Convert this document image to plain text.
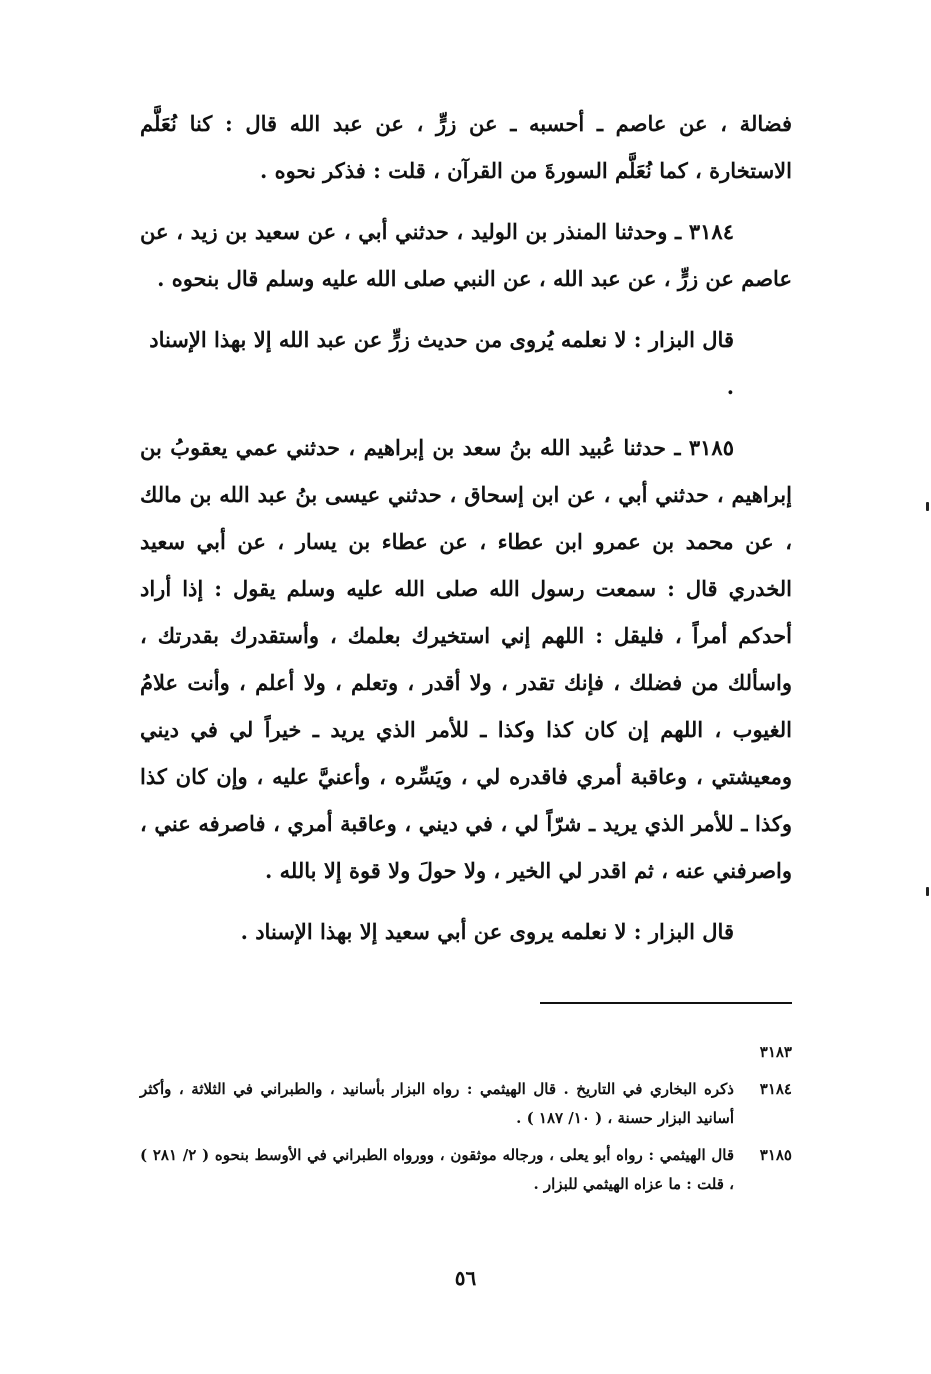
فضالة ، عن عاصم ـ أحسبه ـ عن زرٍّ ، عن عبد الله قال : كنا نُعَلَّم الاستخارة ، كما نُعَلَّم السورةَ من القرآن ، قلت : فذكر نحوه .

٣١٨٤ ـ وحدثنا المنذر بن الوليد ، حدثني أبي ، عن سعيد بن زيد ، عن عاصم عن زرٍّ ، عن عبد الله ، عن النبي صلى الله عليه وسلم قال بنحوه .

قال البزار : لا نعلمه يُروى من حديث زرٍّ عن عبد الله إلا بهذا الإسناد .

٣١٨٥ ـ حدثنا عُبيد الله بنُ سعد بن إبراهيم ، حدثني عمي يعقوبُ بن إبراهيم ، حدثني أبي ، عن ابن إسحاق ، حدثني عيسى بنُ عبد الله بن مالك ، عن محمد بن عمرو ابن عطاء ، عن عطاء بن يسار ، عن أبي سعيد الخدري قال : سمعت رسول الله صلى الله عليه وسلم يقول : إذا أراد أحدكم أمراً ، فليقل : اللهم إني استخيرك بعلمك ، وأستقدرك بقدرتك ، واسألك من فضلك ، فإنك تقدر ، ولا أقدر ، وتعلم ، ولا أعلم ، وأنت علامُ الغيوب ، اللهم إن كان كذا وكذا ـ للأمر الذي يريد ـ خيراً لي في ديني ومعيشتي ، وعاقبة أمري فاقدره لي ، ويَسِّره ، وأعنيَّ عليه ، وإن كان كذا وكذا ـ للأمر الذي يريد ـ شرّاً لي ، في ديني ، وعاقبة أمري ، فاصرفه عني ، واصرفني عنه ، ثم اقدر لي الخير ، ولا حولَ ولا قوة إلا بالله .

قال البزار : لا نعلمه يروى عن أبي سعيد إلا بهذا الإسناد .

٣١٨٣
٣١٨٤
ذكره البخاري في التاريخ . قال الهيثمي : رواه البزار بأسانيد ، والطبراني في الثلاثة ، وأكثر أسانيد البزار حسنة ، ( ١٠/ ١٨٧ ) .
٣١٨٥
قال الهيثمي : رواه أبو يعلى ، ورجاله موثقون ، وورواه الطبراني في الأوسط بنحوه ( ٢/ ٢٨١ ) ، قلت : ما عزاه الهيثمي للبزار .
٥٦
